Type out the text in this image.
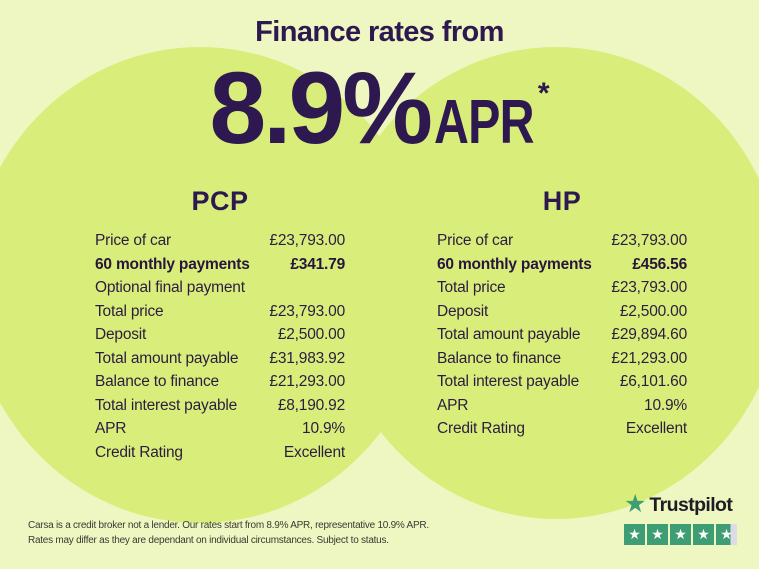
Finance rates from
8.9% APR *
PCP
Price of car	£23,793.00
60 monthly payments	£341.79
Optional final payment
Total price	£23,793.00
Deposit	£2,500.00
Total amount payable £31,983.92
Balance to finance	£21,293.00
Total interest payable	£8,190.92
APR	10.9%
Credit Rating	Excellent
HP
Price of car	£23,793.00
60 monthly payments	£456.56
Total price	£23,793.00
Deposit	£2,500.00
Total amount payable £29,894.60
Balance to finance	£21,293.00
Total interest payable	£6,101.60
APR	10.9%
Credit Rating	Excellent
Carsa is a credit broker not a lender. Our rates start from 8.9% APR, representative 10.9% APR.
Rates may differ as they are dependant on individual circumstances. Subject to status.
★ Trustpilot
★ ★ ★ ★ ★
